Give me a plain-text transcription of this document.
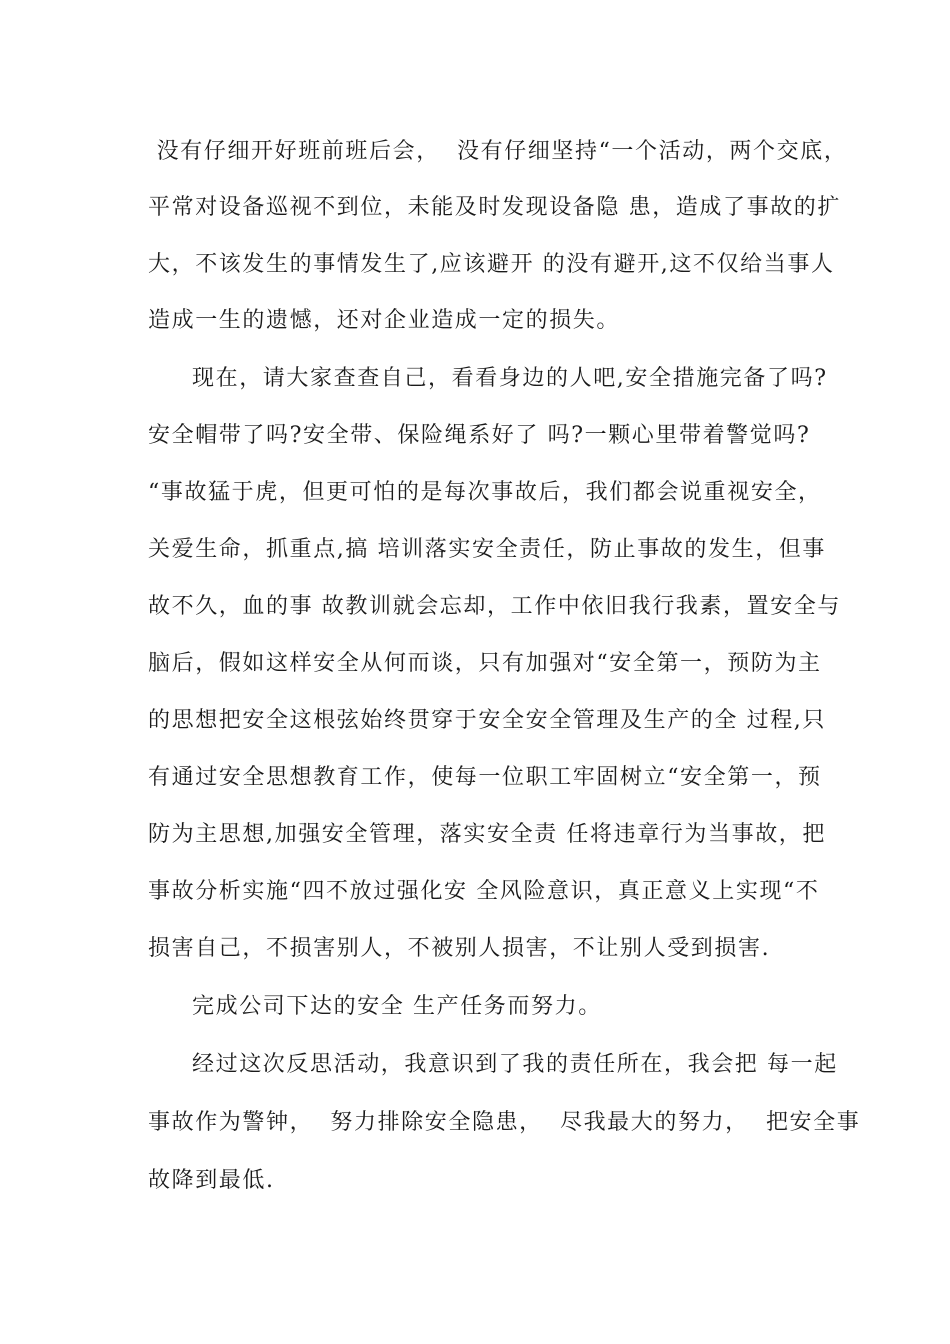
没有仔细开好班前班后会，  没有仔细坚持“一个活动，两个交底，
平常对设备巡视不到位，未能及时发现设备隐 患，造成了事故的扩
大，不该发生的事情发生了,应该避开 的没有避开,这不仅给当事人
造成一生的遗憾，还对企业造成一定的损失。
现在，请大家查查自己，看看身边的人吧,安全措施完备了吗?
安全帽带了吗?安全带、保险绳系好了 吗?一颗心里带着警觉吗?
“事故猛于虎，但更可怕的是每次事故后，我们都会说重视安全，
关爱生命，抓重点,搞 培训落实安全责任，防止事故的发生，但事
故不久，血的事 故教训就会忘却，工作中依旧我行我素，置安全与
脑后，假如这样安全从何而谈，只有加强对“安全第一，预防为主
的思想把安全这根弦始终贯穿于安全安全管理及生产的全 过程,只
有通过安全思想教育工作，使每一位职工牢固树立“安全第一，预
防为主思想,加强安全管理，落实安全责 任将违章行为当事故，把
事故分析实施“四不放过强化安 全风险意识，真正意义上实现“不
损害自己，不损害别人，不被别人损害，不让别人受到损害.
完成公司下达的安全 生产任务而努力。
经过这次反思活动，我意识到了我的责任所在，我会把 每一起
事故作为警钟，  努力排除安全隐患，  尽我最大的努力，  把安全事
故降到最低.
